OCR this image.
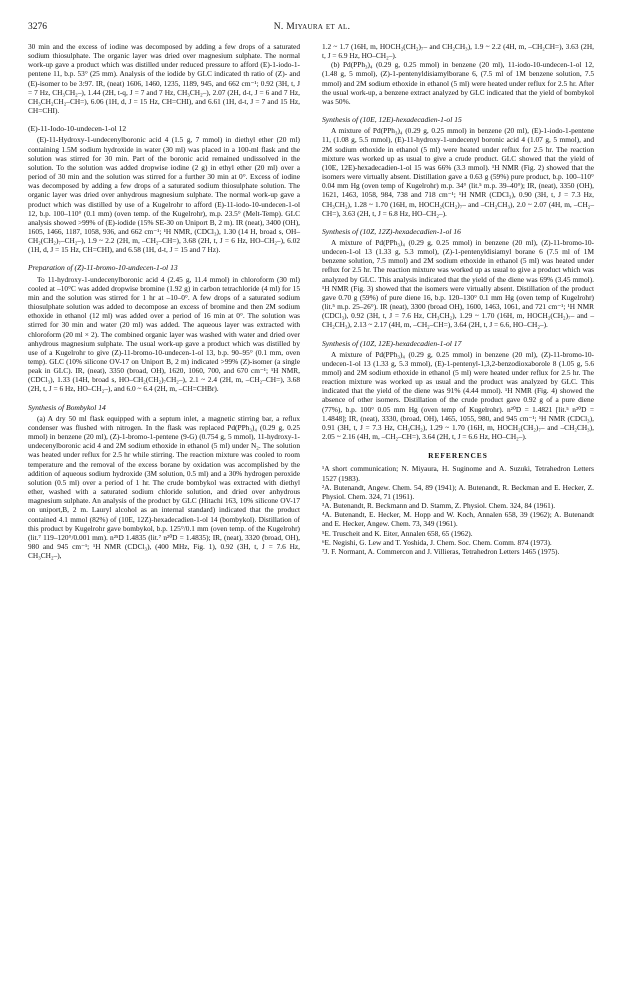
3276	N. Miyaura et al.

30 min and the excess of iodine was decomposed by adding a few drops of a saturated sodium thiosulphate. The organic layer was dried over magnesium sulphate. The normal work-up gave a product which was distilled under reduced pressure to afford (E)-1-iodo-1-pentene 11, b.p. 53° (25 mm). Analysis of the iodide by GLC indicated th ratio of (Z)- and (E)-isomer to be 3:97. IR, (neat) 1606, 1460, 1235, 1189, 945, and 662 cm⁻¹; 0.92 (3H, t, J = 7 Hz, CH₃CH₂–), 1.44 (2H, t-q, J = 7 and 7 Hz, CH₃CH₂–), 2.07 (2H, d-t, J = 6 and 7 Hz, CH₃CH₂CH₂–CH=), 6.06 (1H, d, J = 15 Hz, CH=CHI), and 6.61 (1H, d-t, J = 7 and 15 Hz, CH=CHI).

(E)-11-Iodo-10-undecen-1-ol 12

(E)-11-Hydroxy-1-undecenylboronic acid 4 (1.5 g, 7 mmol) in diethyl ether (20 ml) containing 1.5M sodium hydroxide in water (30 ml) was placed in a 100-ml flask and the solution was stirred for 30 min. Part of the boronic acid remained undissolved in the solution. To the solution was added dropwise iodine (2 g) in ethyl ether (20 ml) over a period of 30 min and the solution was stirred for a further 30 min at 0°. Excess of iodine was decomposed by adding a few drops of a saturated sodium thiosulphate solution. The organic layer was dried over anhydrous magnesium sulphate. The normal work-up gave a product which was distilled by use of a Kugelrohr to afford (E)-11-iodo-10-undecen-1-ol 12, b.p. 100–110° (0.1 mm) (oven temp. of the Kugelrohr), m.p. 23.5° (Melt-Temp). GLC analysis showed >99% of (E)-iodide (15% SE-30 on Uniport B, 2 m). IR (neat), 3400 (OH), 1605, 1466, 1187, 1058, 936, and 662 cm⁻¹; ¹H NMR, (CDCl₃), 1.30 (14 H, broad s, OH–CH₂(CH₂)₇–CH₂–), 1.9 ~ 2.2 (2H, m, –CH₂–CH=), 3.68 (2H, t, J = 6 Hz, HO–CH₂–), 6.02 (1H, d, J = 15 Hz, CH=CHI), and 6.58 (1H, d-t, J = 15 and 7 Hz).

Preparation of (Z)-11-bromo-10-undecen-1-ol 13

To 11-hydroxy-1-undecenylboronic acid 4 (2.45 g, 11.4 mmol) in chloroform (30 ml) cooled at –10°C was added dropwise bromine (1.92 g) in carbon tetrachloride (4 ml) for 15 min and the solution was stirred for 1 hr at –10–0°. A few drops of a saturated sodium thiosulphate solution was added to decompose an excess of bromine and then 2M sodium ethoxide in ethanol (12 ml) was added over a period of 16 min at 0°. The solution was stirred for 30 min and water (20 ml) was added. The aqueous layer was extracted with chloroform (20 ml × 2). The combined organic layer was washed with water and dried over anhydrous magnesium sulphate. The usual work-up gave a product which was distilled by use of a Kugelrohr to give (Z)-11-bromo-10-undecen-1-ol 13, b.p. 90–95° (0.1 mm, oven temp). GLC (10% silicone OV-17 on Uniport B, 2 m) indicated >99% (Z)-isomer (a single peak in GLC). IR, (neat), 3350 (broad, OH), 1620, 1060, 700, and 670 cm⁻¹; ¹H NMR, (CDCl₃), 1.33 (14H, broad s, HO–CH₂(CH₂)₇CH₂–), 2.1 ~ 2.4 (2H, m, –CH₂–CH=), 3.68 (2H, t, J = 6 Hz, HO–CH₂–), and 6.0 ~ 6.4 (2H, m, –CH=CHBr).

Synthesis of Bombykol 14

(a) A dry 50 ml flask equipped with a septum inlet, a magnetic stirring bar, a reflux condenser was flushed with nitrogen. In the flask was replaced Pd(PPh₃)₄ (0.29 g, 0.25 mmol) in benzene (20 ml), (Z)-1-bromo-1-pentene (9-G) (0.754 g, 5 mmol), 11-hydroxy-1-undecenylboronic acid 4 and 2M sodium ethoxide in ethanol (5 ml) under N₂. The solution was heated under reflux for 2.5 hr while stirring. The reaction mixture was cooled to room temperature and the removal of the excess borane by oxidation was accomplished by the addition of aqueous sodium hydroxide (3M solution, 0.5 ml) and a 30% hydrogen peroxide solution (0.5 ml) over a period of 1 hr. The crude bombykol was extracted with diethyl ether, washed with a saturated sodium chloride solution, and dried over anhydrous magnesium sulphate. An analysis of the product by GLC (Hitachi 163, 10% silicone OV-17 on uniport,B, 2 m. Lauryl alcohol as an internal standard) indicated that the product contained 4.1 mmol (82%) of (10E, 12Z)-hexadecadien-1-ol 14 (bombykol). Distillation of this product by Kugelrohr gave bombykol, b.p. 125°/0.1 mm (oven temp. of the Kugelrohr) (lit.⁷ 119–120°/0.001 mm). n²⁵D 1.4835 (lit.⁷ n²⁰D = 1.4835); IR, (neat), 3320 (broad, OH), 980 and 945 cm⁻¹; ¹H NMR (CDCl₃), (400 MHz, Fig. 1), 0.92 (3H, t, J = 7.6 Hz, CH₃CH₂–),

1.2 ~ 1.7 (16H, m, HOCH₂(CH₂)₇– and CH₂CH₃), 1.9 ~ 2.2 (4H, m, –CH₂CH=), 3.63 (2H, t, J = 6.9 Hz, HO–CH₂–).

(b) Pd(PPh₃)₄ (0.29 g, 0.25 mmol) in benzene (20 ml), 11-iodo-10-undecen-1-ol 12, (1.48 g, 5 mmol), (Z)-1-pentenyldisiamylborane 6, (7.5 ml of 1M benzene solution, 7.5 mmol) and 2M sodium ethoxide in ethanol (5 ml) were heated under reflux for 2.5 hr. After the usual work-up, a benzene extract analyzed by GLC indicated that the yield of bombykol was 50%.

Synthesis of (10E, 12E)-hexadecadien-1-ol 15

A mixture of Pd(PPh₃)₄ (0.29 g, 0.25 mmol) in benzene (20 ml), (E)-1-iodo-1-pentene 11, (1.08 g, 5.5 mmol), (E)-11-hydroxy-1-undecenyl boronic acid 4 (1.07 g, 5 mmol), and 2M sodium ethoxide in ethanol (5 ml) were heated under reflux for 2.5 hr. The reaction mixture was worked up as usual to give a crude product. GLC showed that the yield of (10E, 12E)-hexadecadien-1-ol 15 was 66% (3.3 mmol). ¹H NMR (Fig. 2) showed that the isomers were virtually absent. Distillation gave a 0.63 g (59%) pure product, b.p. 100–110° 0.04 mm Hg (oven temp of Kugelrohr) m.p. 34° (lit.⁵ m.p. 39–40°); IR, (neat), 3350 (OH), 1621, 1463, 1058, 984, 738 and 718 cm⁻¹; ¹H NMR (CDCl₃), 0.90 (3H, t, J = 7.3 Hz, CH₃CH₂), 1.28 ~ 1.70 (16H, m, HOCH₂(CH₂)₇– and –CH₂CH₃), 2.0 ~ 2.07 (4H, m, –CH₂–CH=), 3.63 (2H, t, J = 6.8 Hz, HO–CH₂–).

Synthesis of (10Z, 12Z)-hexadecadien-1-ol 16

A mixture of Pd(PPh₃)₄ (0.29 g, 0.25 mmol) in benzene (20 ml), (Z)-11-bromo-10-undecen-1-ol 13 (1.33 g, 5.3 mmol), (Z)-1-pentenyldisiamyl borane 6 (7.5 ml of 1M benzene solution, 7.5 mmol) and 2M sodium ethoxide in ethanol (5 ml) was heated under reflux for 2.5 hr. The reaction mixture was worked up as usual to give a product which was analyzed by GLC. This analysis indicated that the yield of the diene was 69% (3.45 mmol). ¹H NMR (Fig. 3) showed that the isomers were virtually absent. Distillation of the product gave 0.70 g (59%) of pure diene 16, b.p. 120–130° 0.1 mm Hg (oven temp of Kugelrohr) (lit.⁵ m.p. 25–26°). IR (neat), 3300 (broad OH), 1600, 1463, 1061, and 721 cm⁻¹; ¹H NMR (CDCl₃), 0.92 (3H, t, J = 7.6 Hz, CH₃CH₂), 1.29 ~ 1.70 (16H, m, HOCH₂(CH₂)₇– and –CH₂CH₃), 2.13 ~ 2.17 (4H, m, –CH₂–CH=), 3.64 (2H, t, J = 6.6, HO–CH₂–).

Synthesis of (10Z, 12E)-hexadecadien-1-ol 17

A mixture of Pd(PPh₃)₄ (0.29 g, 0.25 mmol) in benzene (20 ml), (Z)-11-bromo-10-undecen-1-ol 13 (1.33 g, 5.3 mmol), (E)-1-pentenyl-1,3,2-benzodioxaborole 8 (1.05 g, 5.6 mmol) and 2M sodium ethoxide in ethanol (5 ml) were heated under reflux for 2.5 hr. The reaction mixture was worked up as usual and the product was analyzed by GLC. This indicated that the yield of the diene was 91% (4.44 mmol). ¹H NMR (Fig. 4) showed the absence of other isomers. Distillation of the crude product gave 0.92 g of a pure diene (77%), b.p. 100° 0.05 mm Hg (oven temp of Kugelrohr). n²⁰D = 1.4821 [lit.⁵ n²⁰D = 1.4848]; IR, (neat), 3330, (broad, OH), 1465, 1055, 980, and 945 cm⁻¹; ¹H NMR (CDCl₃), 0.91 (3H, t, J = 7.3 Hz, CH₃CH₂), 1.29 ~ 1.70 (16H, m, HOCH₂(CH₂)₇– and –CH₂CH₃), 2.05 ~ 2.16 (4H, m, –CH₂–CH=), 3.64 (2H, t, J = 6.6 Hz, HO–CH₂–).

REFERENCES

¹A short communication; N. Miyaura, H. Suginome and A. Suzuki, Tetrahedron Letters 1527 (1983).

²A. Butenandt, Angew. Chem. 54, 89 (1941); A. Butenandt, R. Beckman and E. Hecker, Z. Physiol. Chem. 324, 71 (1961).

³A. Butenandt, R. Beckmann and D. Stamm, Z. Physiol. Chem. 324, 84 (1961).

⁴A. Butenandt, E. Hecker, M. Hopp and W. Koch, Annalen 658, 39 (1962); A. Butenandt and E. Hecker, Angew. Chem. 73, 349 (1961).

⁵E. Truscheit and K. Eiter, Annalen 658, 65 (1962).

⁶E. Negishi, G. Lew and T. Yoshida, J. Chem. Soc. Chem. Comm. 874 (1973).

⁷J. F. Normant, A. Commercon and J. Villieras, Tetrahedron Letters 1465 (1975).
